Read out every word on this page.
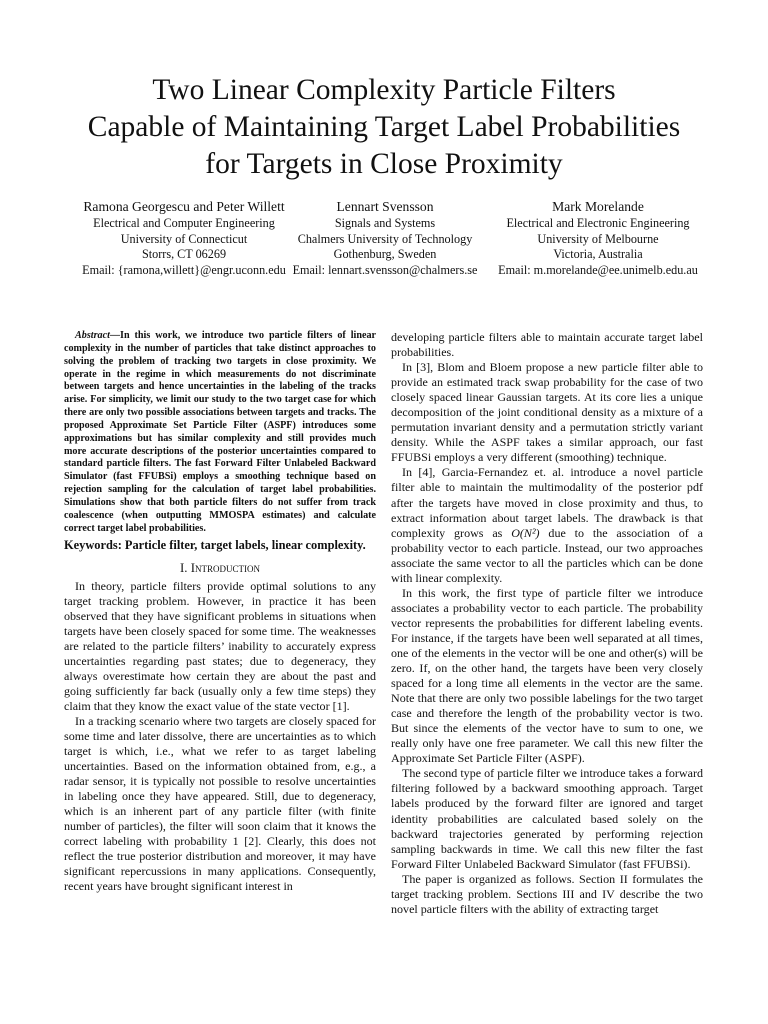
Two Linear Complexity Particle Filters
Capable of Maintaining Target Label Probabilities
for Targets in Close Proximity
Ramona Georgescu and Peter Willett
Electrical and Computer Engineering
University of Connecticut
Storrs, CT 06269
Email: {ramona,willett}@engr.uconn.edu
Lennart Svensson
Signals and Systems
Chalmers University of Technology
Gothenburg, Sweden
Email: lennart.svensson@chalmers.se
Mark Morelande
Electrical and Electronic Engineering
University of Melbourne
Victoria, Australia
Email: m.morelande@ee.unimelb.edu.au

Abstract—In this work, we introduce two particle filters of linear complexity in the number of particles that take distinct approaches to solving the problem of tracking two targets in close proximity. We operate in the regime in which measurements do not discriminate between targets and hence uncertainties in the labeling of the tracks arise. For simplicity, we limit our study to the two target case for which there are only two possible associations between targets and tracks. The proposed Approximate Set Particle Filter (ASPF) introduces some approximations but has similar complexity and still provides much more accurate descriptions of the posterior uncertainties compared to standard particle filters. The fast Forward Filter Unlabeled Backward Simulator (fast FFUBSi) employs a smoothing technique based on rejection sampling for the calculation of target label probabilities. Simulations show that both particle filters do not suffer from track coalescence (when outputting MMOSPA estimates) and calculate correct target label probabilities.

Keywords: Particle filter, target labels, linear complexity.
I. Introduction

In theory, particle filters provide optimal solutions to any target tracking problem. However, in practice it has been observed that they have significant problems in situations when targets have been closely spaced for some time. The weaknesses are related to the particle filters’ inability to accurately express uncertainties regarding past states; due to degeneracy, they always overestimate how certain they are about the past and going sufficiently far back (usually only a few time steps) they claim that they know the exact value of the state vector [1].

In a tracking scenario where two targets are closely spaced for some time and later dissolve, there are uncertainties as to which target is which, i.e., what we refer to as target labeling uncertainties. Based on the information obtained from, e.g., a radar sensor, it is typically not possible to resolve uncertainties in labeling once they have appeared. Still, due to degeneracy, which is an inherent part of any particle filter (with finite number of particles), the filter will soon claim that it knows the correct labeling with probability 1 [2]. Clearly, this does not reflect the true posterior distribution and moreover, it may have significant repercussions in many applications. Consequently, recent years have brought significant interest in

developing particle filters able to maintain accurate target label probabilities.

In [3], Blom and Bloem propose a new particle filter able to provide an estimated track swap probability for the case of two closely spaced linear Gaussian targets. At its core lies a unique decomposition of the joint conditional density as a mixture of a permutation invariant density and a permutation strictly variant density. While the ASPF takes a similar approach, our fast FFUBSi employs a very different (smoothing) technique.

In [4], Garcia-Fernandez et. al. introduce a novel particle filter able to maintain the multimodality of the posterior pdf after the targets have moved in close proximity and thus, to extract information about target labels. The drawback is that complexity grows as O(N²) due to the association of a probability vector to each particle. Instead, our two approaches associate the same vector to all the particles which can be done with linear complexity.

In this work, the first type of particle filter we introduce associates a probability vector to each particle. The probability vector represents the probabilities for different labeling events. For instance, if the targets have been well separated at all times, one of the elements in the vector will be one and other(s) will be zero. If, on the other hand, the targets have been very closely spaced for a long time all elements in the vector are the same. Note that there are only two possible labelings for the two target case and therefore the length of the probability vector is two. But since the elements of the vector have to sum to one, we really only have one free parameter. We call this new filter the Approximate Set Particle Filter (ASPF).

The second type of particle filter we introduce takes a forward filtering followed by a backward smoothing approach. Target labels produced by the forward filter are ignored and target identity probabilities are calculated based solely on the backward trajectories generated by performing rejection sampling backwards in time. We call this new filter the fast Forward Filter Unlabeled Backward Simulator (fast FFUBSi).

The paper is organized as follows. Section II formulates the target tracking problem. Sections III and IV describe the two novel particle filters with the ability of extracting target
